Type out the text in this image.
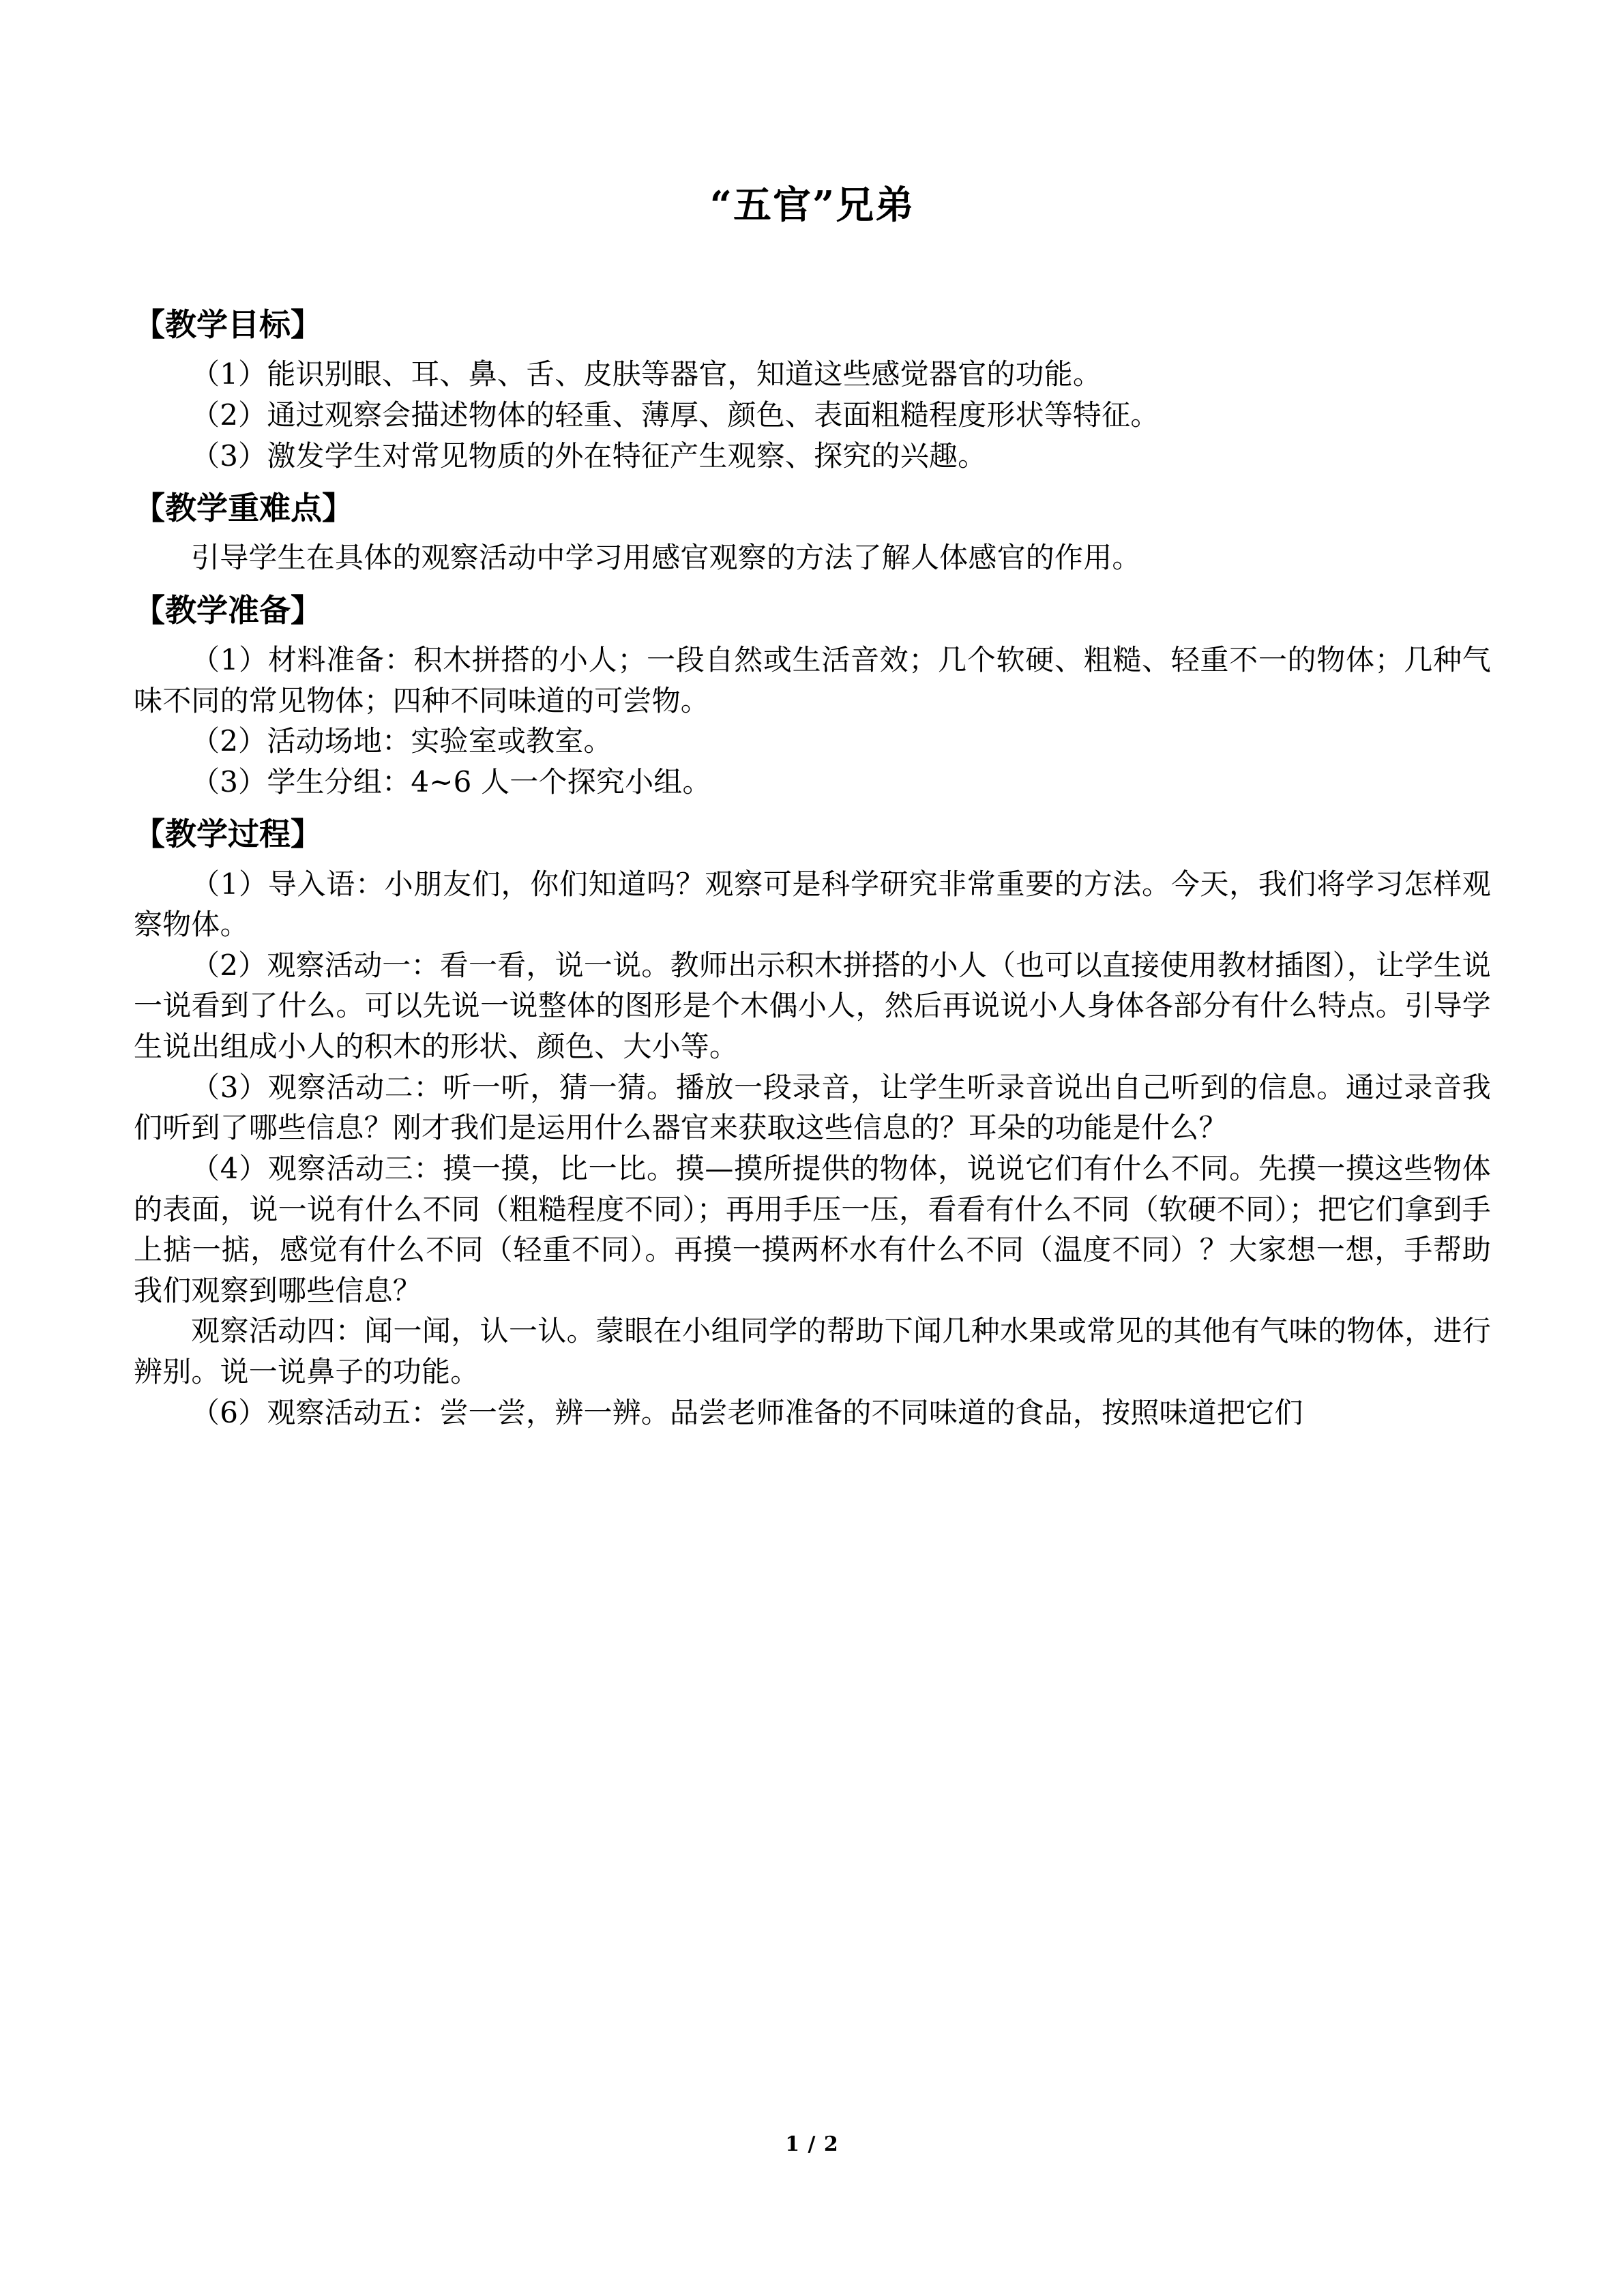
“五官”兄弟
【教学目标】

（1）能识别眼、耳、鼻、舌、皮肤等器官，知道这些感觉器官的功能。

（2）通过观察会描述物体的轻重、薄厚、颜色、表面粗糙程度形状等特征。

（3）激发学生对常见物质的外在特征产生观察、探究的兴趣。

【教学重难点】

引导学生在具体的观察活动中学习用感官观察的方法了解人体感官的作用。

【教学准备】

（1）材料准备：积木拼搭的小人；一段自然或生活音效；几个软硬、粗糙、轻重不一的物体；几种气味不同的常见物体；四种不同味道的可尝物。

（2）活动场地：实验室或教室。

（3）学生分组：4~6 人一个探究小组。

【教学过程】

（1）导入语：小朋友们，你们知道吗？观察可是科学研究非常重要的方法。今天，我们将学习怎样观察物体。

（2）观察活动一：看一看，说一说。教师出示积木拼搭的小人（也可以直接使用教材插图），让学生说一说看到了什么。可以先说一说整体的图形是个木偶小人，然后再说说小人身体各部分有什么特点。引导学生说出组成小人的积木的形状、颜色、大小等。

（3）观察活动二：听一听，猜一猜。播放一段录音，让学生听录音说出自己听到的信息。通过录音我们听到了哪些信息？刚才我们是运用什么器官来获取这些信息的？耳朵的功能是什么？

（4）观察活动三：摸一摸，比一比。摸—摸所提供的物体，说说它们有什么不同。先摸一摸这些物体的表面，说一说有什么不同（粗糙程度不同）；再用手压一压，看看有什么不同（软硬不同）；把它们拿到手上掂一掂，感觉有什么不同（轻重不同）。再摸一摸两杯水有什么不同（温度不同）？大家想一想，手帮助我们观察到哪些信息？

观察活动四：闻一闻，认一认。蒙眼在小组同学的帮助下闻几种水果或常见的其他有气味的物体，进行辨别。说一说鼻子的功能。

（6）观察活动五：尝一尝，辨一辨。品尝老师准备的不同味道的食品，按照味道把它们

1 / 2
